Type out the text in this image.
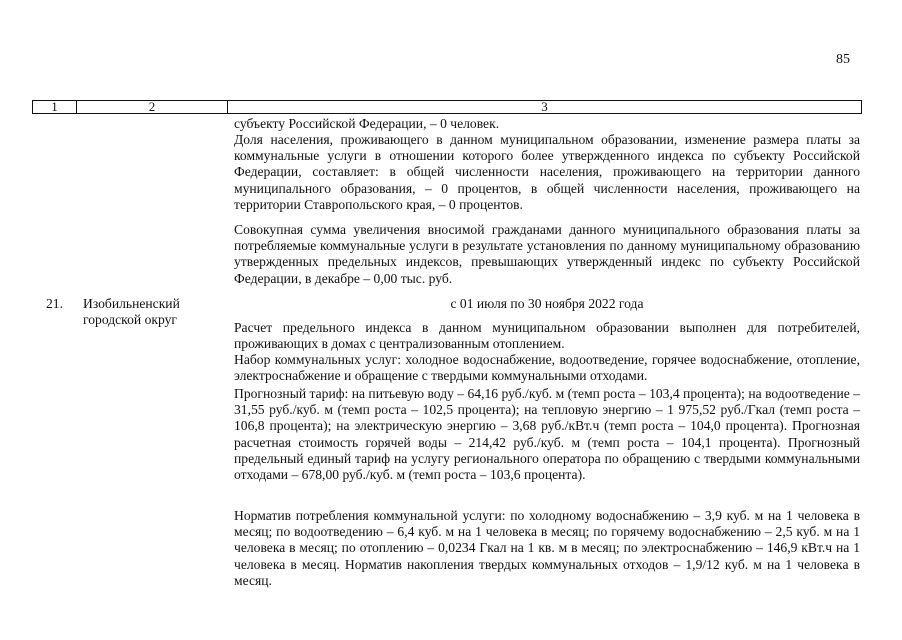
85
1	2	3

субъекту Российской Федерации, – 0 человек.

Доля населения, проживающего в данном муниципальном образовании, изменение размера платы за коммунальные услуги в отношении которого более утвержденного индекса по субъекту Российской Федерации, составляет: в общей численности населения, проживающего на территории данного муниципального образования, – 0 процентов, в общей численности населения, проживающего на территории Ставропольского края, – 0 процентов.

Совокупная сумма увеличения вносимой гражданами данного муниципального образования платы за потребляемые коммунальные услуги в результате установления по данному муниципальному образованию утвержденных предельных индексов, превышающих утвержденный индекс по субъекту Российской Федерации, в декабре – 0,00 тыс. руб.

21. Изобильненский городской округ
с 01 июля по 30 ноября 2022 года

Расчет предельного индекса в данном муниципальном образовании выполнен для потребителей, проживающих в домах с централизованным отоплением.

Набор коммунальных услуг: холодное водоснабжение, водоотведение, горячее водоснабжение, отопление, электроснабжение и обращение с твердыми коммунальными отходами.

Прогнозный тариф: на питьевую воду – 64,16 руб./куб. м (темп роста – 103,4 процента); на водоотведение – 31,55 руб./куб. м (темп роста – 102,5 процента); на тепловую энергию – 1 975,52 руб./Гкал (темп роста – 106,8 процента); на электрическую энергию – 3,68 руб./кВт.ч (темп роста – 104,0 процента). Прогнозная расчетная стоимость горячей воды – 214,42 руб./куб. м (темп роста – 104,1 процента). Прогнозный предельный единый тариф на услугу регионального оператора по обращению с твердыми коммунальными отходами – 678,00 руб./куб. м (темп роста – 103,6 процента).

Норматив потребления коммунальной услуги: по холодному водоснабжению – 3,9 куб. м на 1 человека в месяц; по водоотведению – 6,4 куб. м на 1 человека в месяц; по горячему водоснабжению – 2,5 куб. м на 1 человека в месяц; по отоплению – 0,0234 Гкал на 1 кв. м в месяц; по электроснабжению – 146,9 кВт.ч на 1 человека в месяц. Норматив накопления твердых коммунальных отходов – 1,9/12 куб. м на 1 человека в месяц.
